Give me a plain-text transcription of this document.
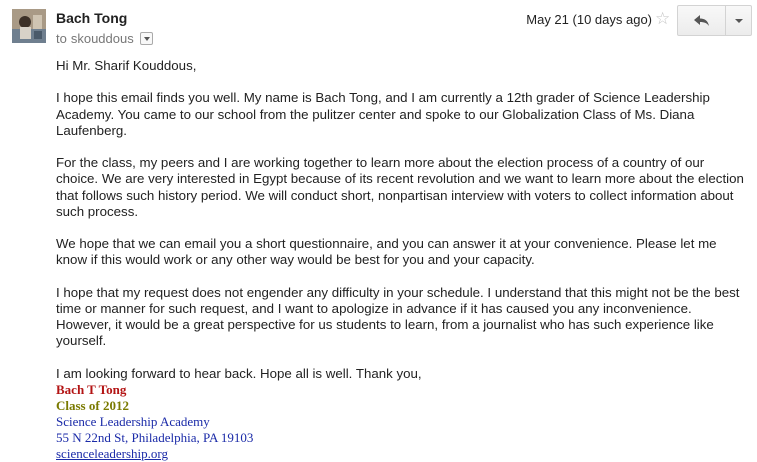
Bach Tong
to skouddous
May 21 (10 days ago) ☆

Hi Mr. Sharif Kouddous,

I hope this email finds you well. My name is Bach Tong, and I am currently a 12th grader of Science Leadership Academy. You came to our school from the pulitzer center and spoke to our Globalization Class of Ms. Diana Laufenberg.

For the class, my peers and I are working together to learn more about the election process of a country of our choice. We are very interested in Egypt because of its recent revolution and we want to learn more about the election that follows such history period. We will conduct short, nonpartisan interview with voters to collect information about such process.

We hope that we can email you a short questionnaire, and you can answer it at your convenience. Please let me know if this would work or any other way would be best for you and your capacity.

I hope that my request does not engender any difficulty in your schedule. I understand that this might not be the best time or manner for such request, and I want to apologize in advance if it has caused you any inconvenience. However, it would be a great perspective for us students to learn, from a journalist who has such experience like yourself.

I am looking forward to hear back. Hope all is well. Thank you,
Bach T Tong
Class of 2012
Science Leadership Academy
55 N 22nd St, Philadelphia, PA 19103
scienceleadership.org
